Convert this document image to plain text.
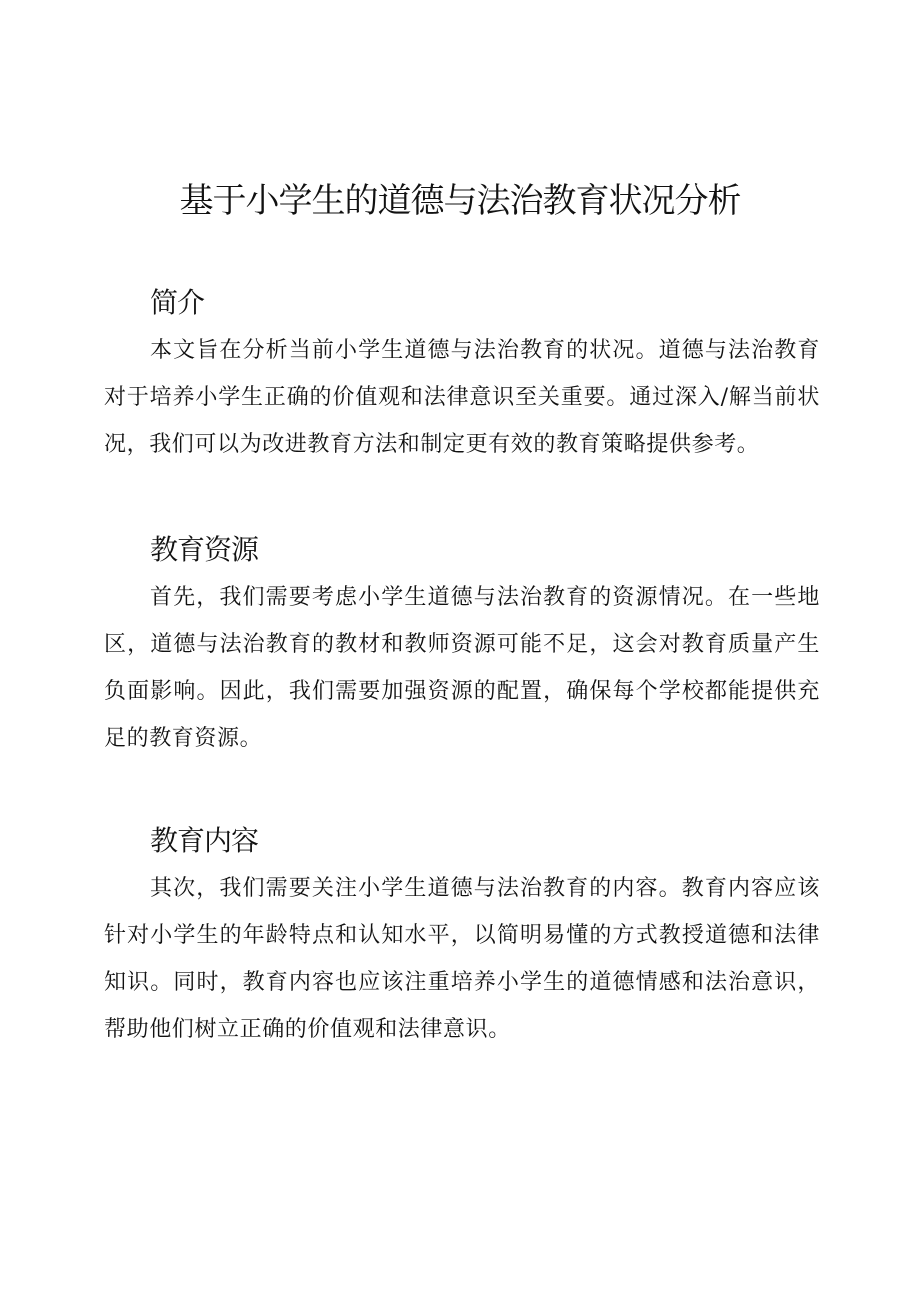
基于小学生的道德与法治教育状况分析
简介

本文旨在分析当前小学生道德与法治教育的状况。道德与法治教育对于培养小学生正确的价值观和法律意识至关重要。通过深入/解当前状况，我们可以为改进教育方法和制定更有效的教育策略提供参考。

教育资源

首先，我们需要考虑小学生道德与法治教育的资源情况。在一些地区，道德与法治教育的教材和教师资源可能不足，这会对教育质量产生负面影响。因此，我们需要加强资源的配置，确保每个学校都能提供充足的教育资源。

教育内容

其次，我们需要关注小学生道德与法治教育的内容。教育内容应该针对小学生的年龄特点和认知水平，以简明易懂的方式教授道德和法律知识。同时，教育内容也应该注重培养小学生的道德情感和法治意识，帮助他们树立正确的价值观和法律意识。
